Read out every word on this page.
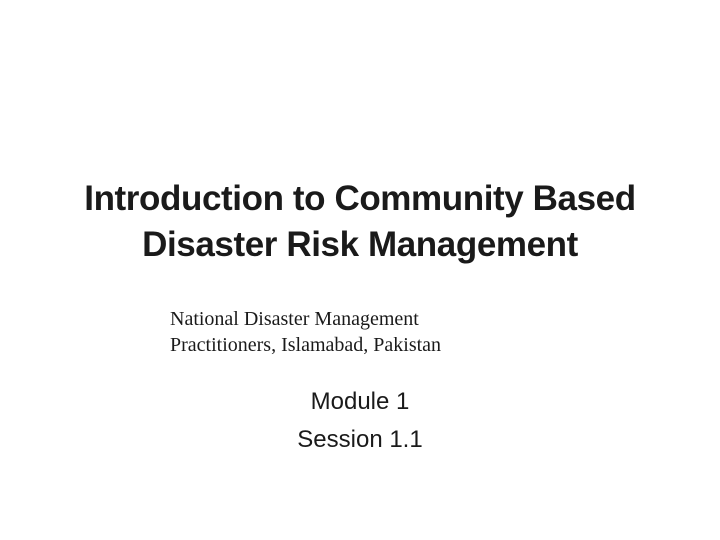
Introduction to Community Based
Disaster Risk Management
National Disaster Management
Practitioners, Islamabad, Pakistan
Module 1
Session 1.1
